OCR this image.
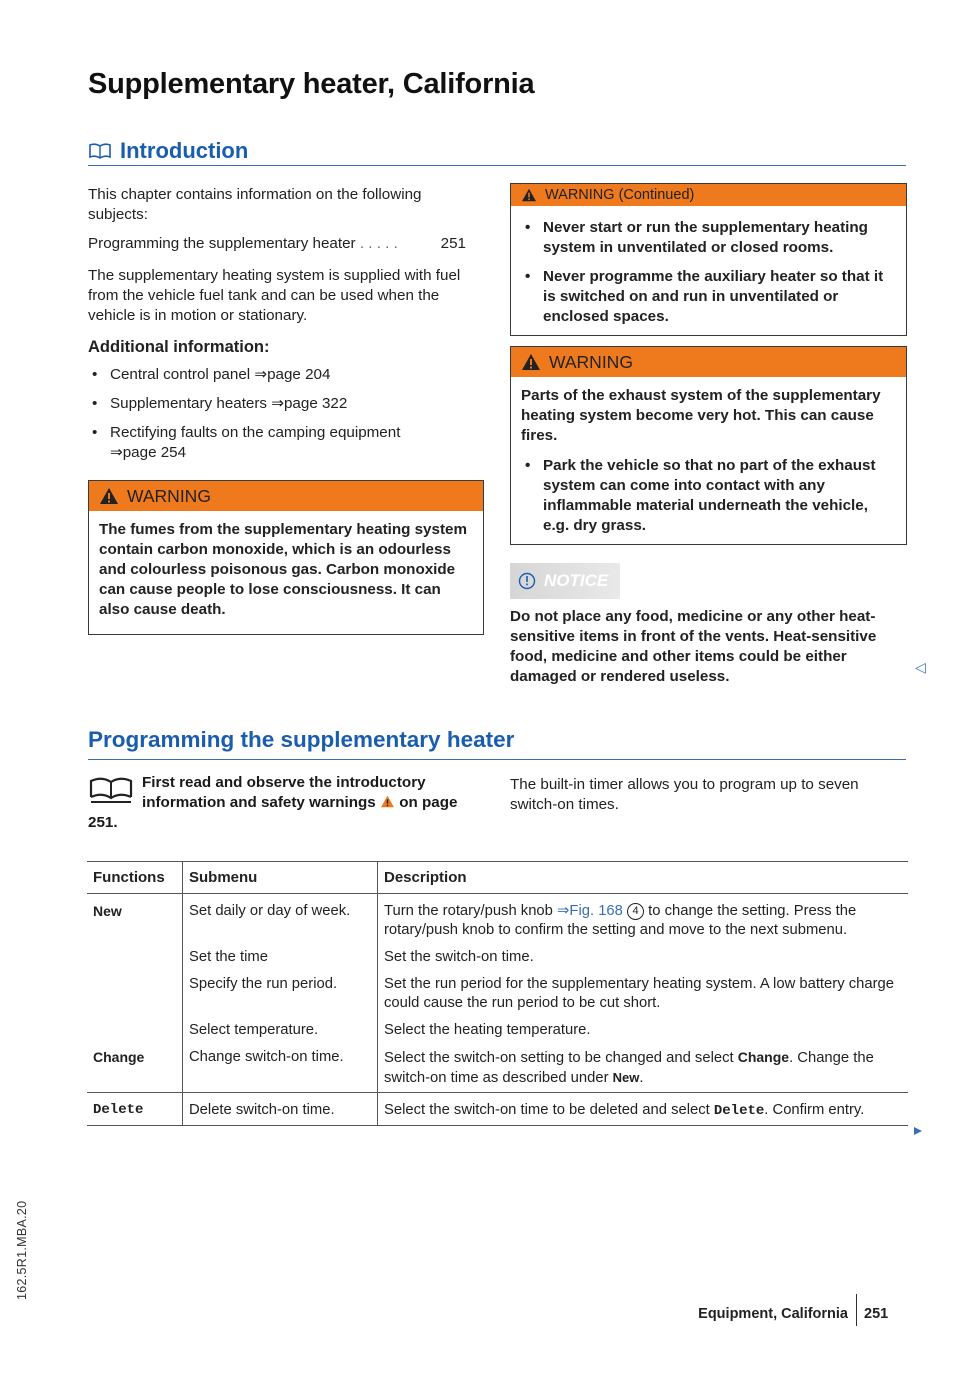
Supplementary heater, California
Introduction

This chapter contains information on the following subjects:

Programming the supplementary heater . . . . .	251

The supplementary heating system is supplied with fuel from the vehicle fuel tank and can be used when the vehicle is in motion or stationary.

Additional information:

• Central control panel ⇒page 204
• Supplementary heaters ⇒page 322
• Rectifying faults on the camping equipment ⇒page 254
WARNING

The fumes from the supplementary heating system contain carbon monoxide, which is an odourless and colourless poisonous gas. Carbon monoxide can cause people to lose consciousness. It can also cause death.

WARNING (Continued)
• Never start or run the supplementary heating system in unventilated or closed rooms.
• Never programme the auxiliary heater so that it is switched on and run in unventilated or enclosed spaces.
WARNING

Parts of the exhaust system of the supplementary heating system become very hot. This can cause fires.

• Park the vehicle so that no part of the exhaust system can come into contact with any inflammable material underneath the vehicle, e.g. dry grass.
NOTICE

Do not place any food, medicine or any other heat-sensitive items in front of the vents. Heat-sensitive food, medicine and other items could be either damaged or rendered useless.

◁
Programming the supplementary heater
First read and observe the introductory information and safety warnings on page 251.

The built-in timer allows you to program up to seven switch-on times.

Functions	Submenu	Description
New	Set daily or day of week.	Turn the rotary/push knob ⇒Fig. 168 4 to change the setting. Press the rotary/push knob to confirm the setting and move to the next submenu.
	Set the time	Set the switch-on time.
	Specify the run period.	Set the run period for the supplementary heating system. A low battery charge could cause the run period to be cut short.
	Select temperature.	Select the heating temperature.
Change	Change switch-on time.	Select the switch-on setting to be changed and select Change. Change the switch-on time as described under New.
Delete	Delete switch-on time.	Select the switch-on time to be deleted and select Delete. Confirm entry.
162.5R1.MBA.20
Equipment, California 251
